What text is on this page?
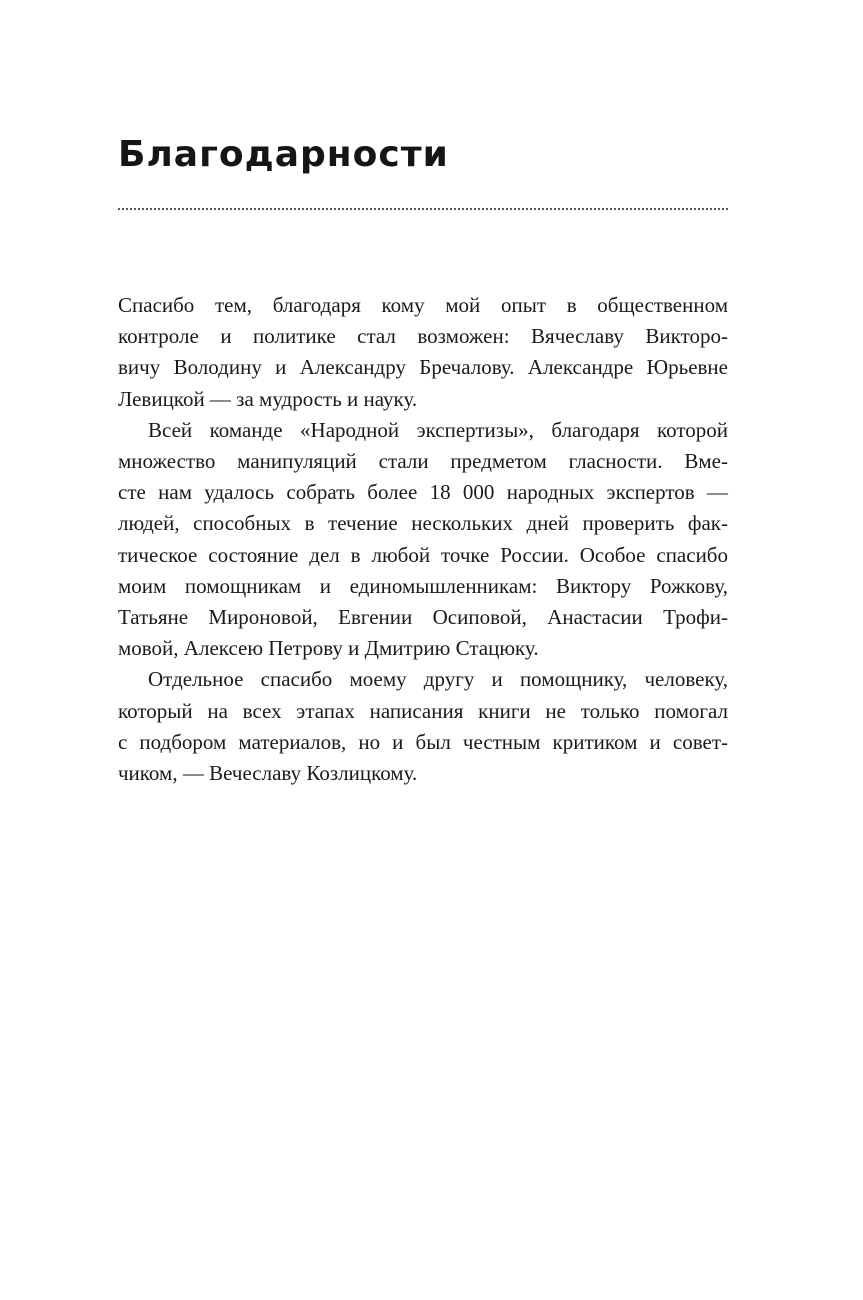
Благодарности

Спасибо тем, благодаря кому мой опыт в общественном
контроле и политике стал возможен: Вячеславу Викторо-
вичу Володину и Александру Бречалову. Александре Юрьевне
Левицкой — за мудрость и науку.

Всей команде «Народной экспертизы», благодаря которой
множество манипуляций стали предметом гласности. Вме-
сте нам удалось собрать более 18 000 народных экспертов —
людей, способных в течение нескольких дней проверить фак-
тическое состояние дел в любой точке России. Особое спасибо
моим помощникам и единомышленникам: Виктору Рожкову,
Татьяне Мироновой, Евгении Осиповой, Анастасии Трофи-
мовой, Алексею Петрову и Дмитрию Стацюку.

Отдельное спасибо моему другу и помощнику, человеку,
который на всех этапах написания книги не только помогал
с подбором материалов, но и был честным критиком и совет-
чиком, — Вечеславу Козлицкому.
